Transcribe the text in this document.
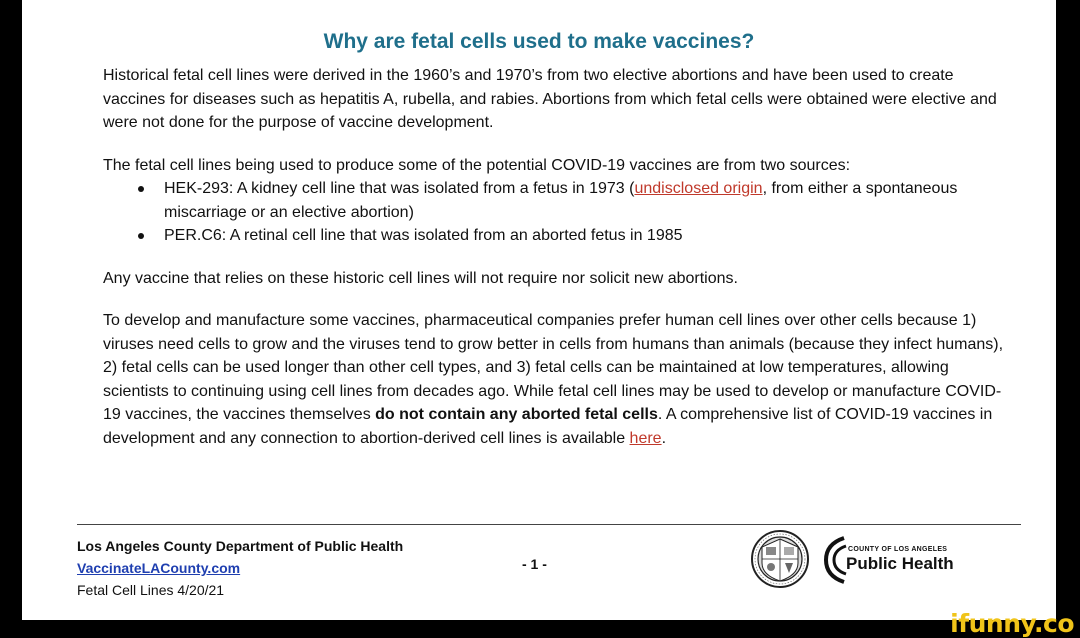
Why are fetal cells used to make vaccines?

Historical fetal cell lines were derived in the 1960’s and 1970’s from two elective abortions and have been used to create vaccines for diseases such as hepatitis A, rubella, and rabies. Abortions from which fetal cells were obtained were elective and were not done for the purpose of vaccine development.

The fetal cell lines being used to produce some of the potential COVID-19 vaccines are from two sources:

HEK-293: A kidney cell line that was isolated from a fetus in 1973 (undisclosed origin, from either a spontaneous miscarriage or an elective abortion)
PER.C6: A retinal cell line that was isolated from an aborted fetus in 1985

Any vaccine that relies on these historic cell lines will not require nor solicit new abortions.

To develop and manufacture some vaccines, pharmaceutical companies prefer human cell lines over other cells because 1) viruses need cells to grow and the viruses tend to grow better in cells from humans than animals (because they infect humans), 2) fetal cells can be used longer than other cell types, and 3) fetal cells can be maintained at low temperatures, allowing scientists to continuing using cell lines from decades ago. While fetal cell lines may be used to develop or manufacture COVID-19 vaccines, the vaccines themselves do not contain any aborted fetal cells. A comprehensive list of COVID-19 vaccines in development and any connection to abortion-derived cell lines is available here.

Los Angeles County Department of Public Health
VaccinateLACounty.com
Fetal Cell Lines 4/20/21
- 1 -
COUNTY OF LOS ANGELES
Public Health
ifunny.co
